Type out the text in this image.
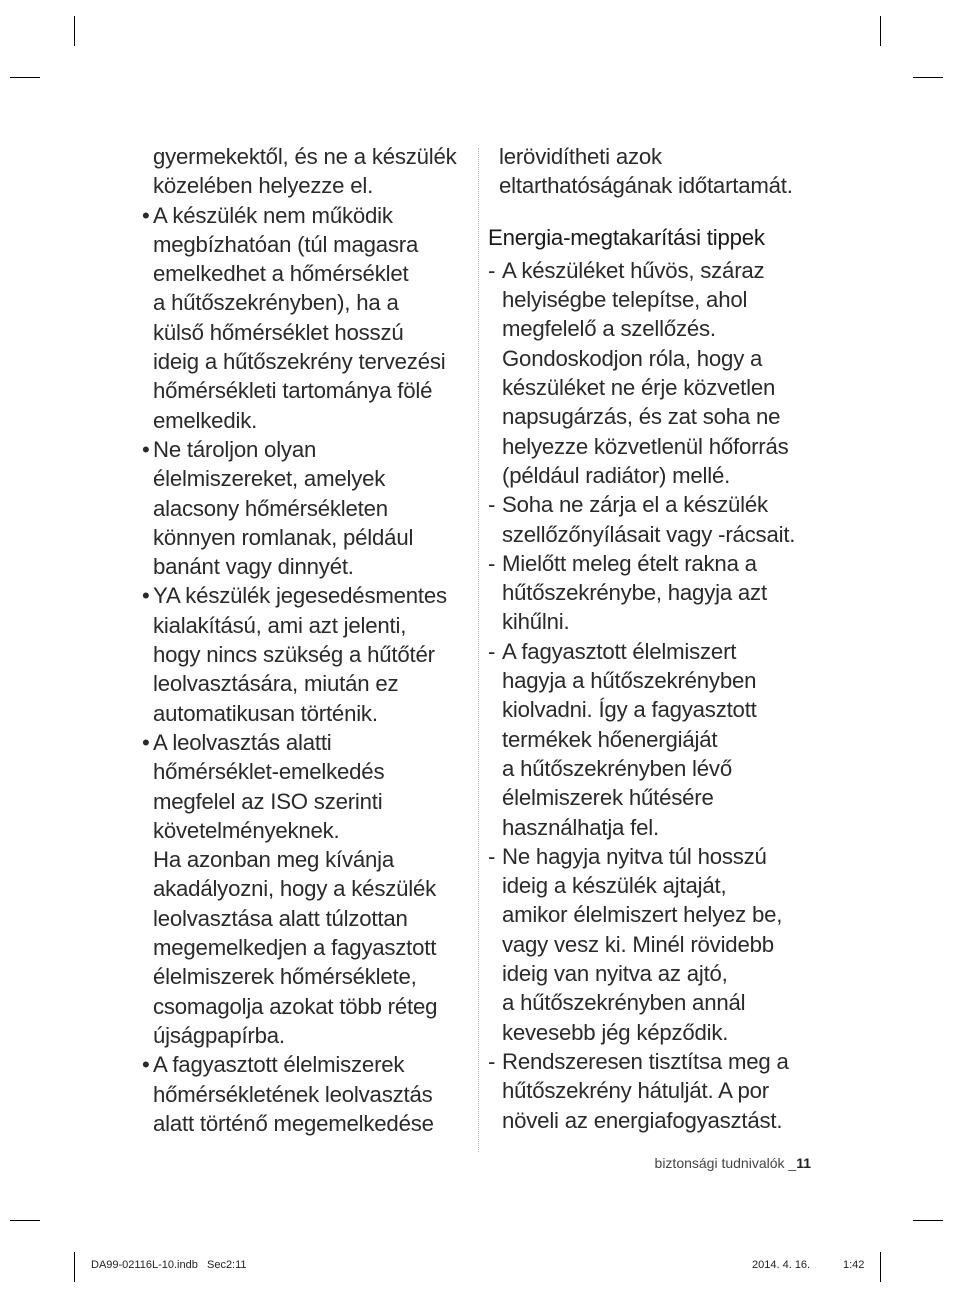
gyermekektől, és ne a készülék
közelében helyezze el.
• A készülék nem működik
megbízhatóan (túl magasra
emelkedhet a hőmérséklet
a hűtőszekrényben), ha a
külső hőmérséklet hosszú
ideig a hűtőszekrény tervezési
hőmérsékleti tartománya fölé
emelkedik.
• Ne tároljon olyan
élelmiszereket, amelyek
alacsony hőmérsékleten
könnyen romlanak, például
banánt vagy dinnyét.
• YA készülék jegesedésmentes
kialakítású, ami azt jelenti,
hogy nincs szükség a hűtőtér
leolvasztására, miután ez
automatikusan történik.
• A leolvasztás alatti
hőmérséklet-emelkedés
megfelel az ISO szerinti
követelményeknek.
Ha azonban meg kívánja
akadályozni, hogy a készülék
leolvasztása alatt túlzottan
megemelkedjen a fagyasztott
élelmiszerek hőmérséklete,
csomagolja azokat több réteg
újságpapírba.
• A fagyasztott élelmiszerek
hőmérsékletének leolvasztás
alatt történő megemelkedése
lerövidítheti azok
eltarthatóságának időtartamát.
Energia-megtakarítási tippek
- A készüléket hűvös, száraz
helyiségbe telepítse, ahol
megfelelő a szellőzés.
Gondoskodjon róla, hogy a
készüléket ne érje közvetlen
napsugárzás, és zat soha ne
helyezze közvetlenül hőforrás
(például radiátor) mellé.
- Soha ne zárja el a készülék
szellőzőnyílásait vagy -rácsait.
- Mielőtt meleg ételt rakna a
hűtőszekrénybe, hagyja azt
kihűlni.
- A fagyasztott élelmiszert
hagyja a hűtőszekrényben
kiolvadni. Így a fagyasztott
termékek hőenergiáját
a hűtőszekrényben lévő
élelmiszerek hűtésére
használhatja fel.
- Ne hagyja nyitva túl hosszú
ideig a készülék ajtaját,
amikor élelmiszert helyez be,
vagy vesz ki. Minél rövidebb
ideig van nyitva az ajtó,
a hűtőszekrényben annál
kevesebb jég képződik.
- Rendszeresen tisztítsa meg a
hűtőszekrény hátulját. A por
növeli az energiafogyasztást.
biztonsági tudnivalók _11
DA99-02116L-10.indb   Sec2:11	2014. 4. 16.	1:42
